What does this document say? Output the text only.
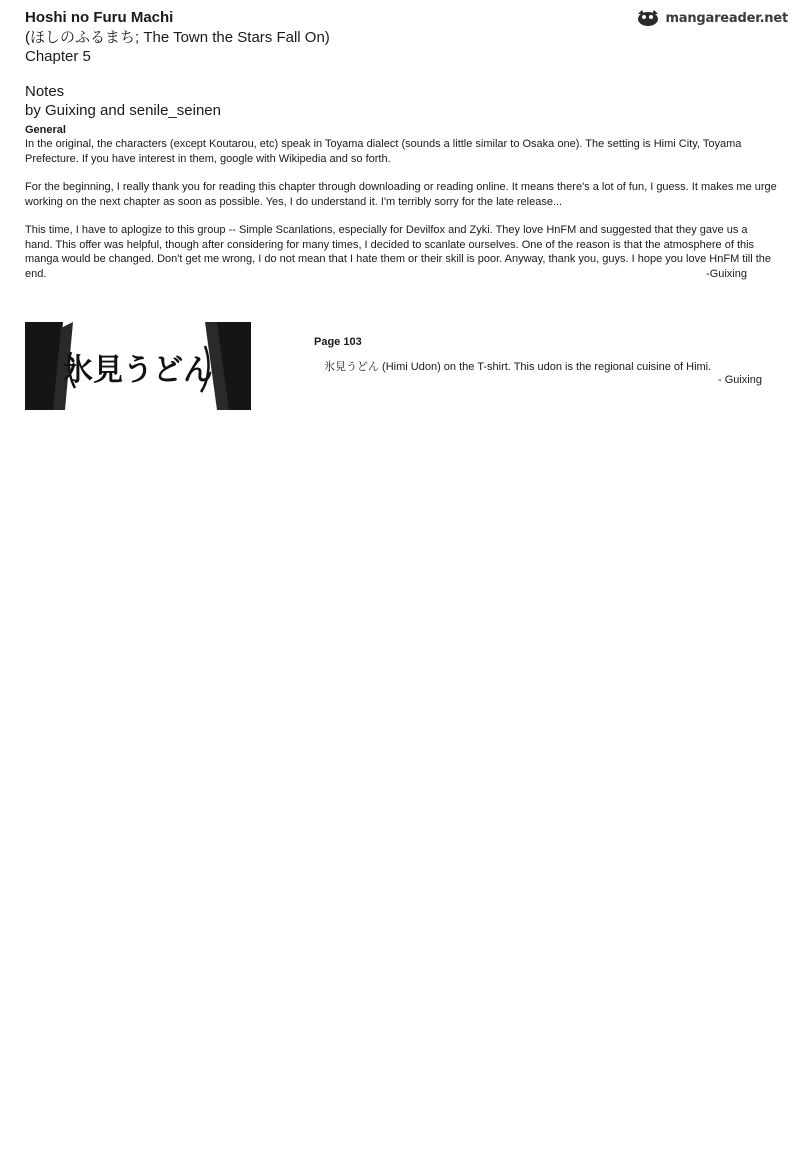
mangareader.net
Hoshi no Furu Machi
(ほしのふるまち; The Town the Stars Fall On)
Chapter 5
Notes
by Guixing and senile_seinen
General

In the original, the characters (except Koutarou, etc) speak in Toyama dialect (sounds a little similar to Osaka one). The setting is Himi City, Toyama Prefecture. If you have interest in them, google with Wikipedia and so forth.

For the beginning, I really thank you for reading this chapter through downloading or reading online. It means there's a lot of fun, I guess. It makes me urge working on the next chapter as soon as possible. Yes, I do understand it. I'm terribly sorry for the late release...

This time, I have to aplogize to this group -- Simple Scanlations, especially for Devilfox and Zyki. They love HnFM and suggested that they gave us a hand. This offer was helpful, though after considering for many times, I decided to scanlate ourselves. One of the reason is that the atmosphere of this manga would be changed. Don't get me wrong, I do not mean that I hate them or their skill is poor. Anyway, thank you, guys. I hope you love HnFM till the end.	-Guixing

氷見うどん
Page 103
氷見うどん (Himi Udon) on the T-shirt. This udon is the regional cuisine of Himi.
- Guixing
